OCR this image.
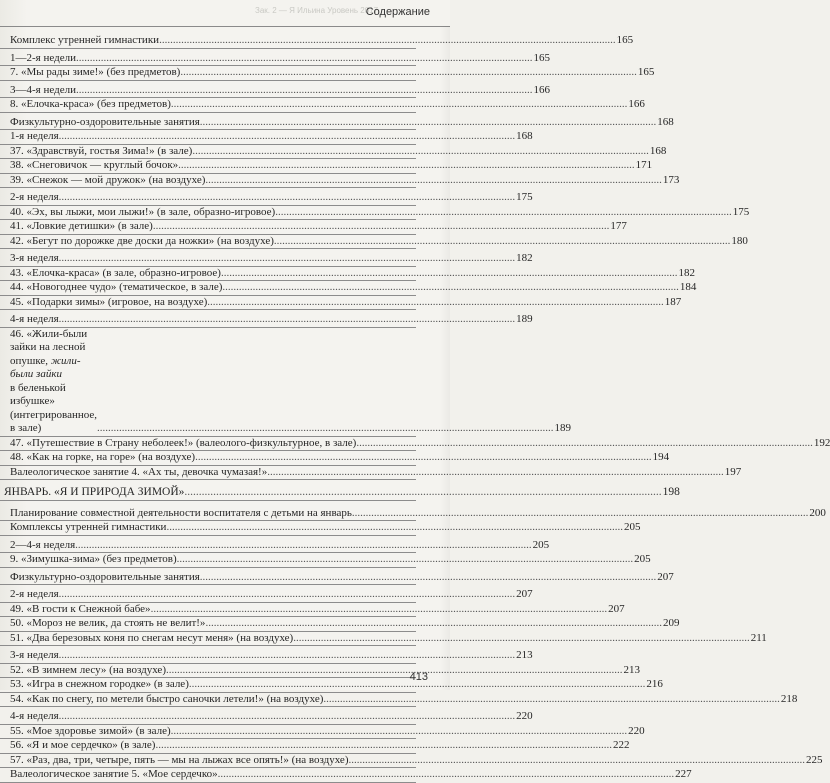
Зак. 2 — Я Ильина Уровень 2017
Содержание
Комплекс утренней гимнастики .....	165
1—2-я недели .....	165
7. «Мы рады зиме!» (без предметов) .....	165
3—4-я недели .....	166
8. «Елочка-краса» (без предметов) .....	166
Физкультурно-оздоровительные занятия .....	168
1-я неделя .....	168
37. «Здравствуй, гостья Зима!» (в зале) .....	168
38. «Снеговичок — круглый бочок» .....	171
39. «Снежок — мой дружок» (на воздухе) .....	173
2-я неделя .....	175
40. «Эх, вы лыжи, мои лыжи!» (в зале, образно-игровое) .....	175
41. «Ловкие детишки» (в зале) .....	177
42. «Бегут по дорожке две доски да ножки» (на воздухе) .....	180
3-я неделя .....	182
43. «Елочка-краса» (в зале, образно-игровое) .....	182
44. «Новогоднее чудо» (тематическое, в зале) .....	184
45. «Подарки зимы» (игровое, на воздухе) .....	187
4-я неделя .....	189
46. «Жили-были зайки на лесной опушке, жили-были зайки
в беленькой избушке» (интегрированное, в зале) .....	189
47. «Путешествие в Страну неболеек!» (валеолого-физкультурное, в зале) .....	192
48. «Как на горке, на горе» (на воздухе) .....	194
Валеологическое занятие 4. «Ах ты, девочка чумазая!» .....	197
ЯНВАРЬ. «Я И ПРИРОДА ЗИМОЙ» .....	198
Планирование совместной деятельности воспитателя с детьми на январь .....	200
Комплексы утренней гимнастики .....	205
2—4-я неделя .....	205
9. «Зимушка-зима» (без предметов) .....	205
Физкультурно-оздоровительные занятия .....	207
2-я неделя .....	207
49. «В гости к Снежной бабе» .....	207
50. «Мороз не велик, да стоять не велит!» .....	209
51. «Два березовых коня по снегам несут меня» (на воздухе) .....	211
3-я неделя .....	213
52. «В зимнем лесу» (на воздухе) .....	213
53. «Игра в снежном городке» (в зале) .....	216
54. «Как по снегу, по метели быстро саночки летели!» (на воздухе) .....	218
4-я неделя .....	220
55. «Мое здоровье зимой» (в зале) .....	220
56. «Я и мое сердечко» (в зале) .....	222
57. «Раз, два, три, четыре, пять — мы на лыжах все опять!» (на воздухе) .....	225
Валеологическое занятие 5. «Мое сердечко» .....	227
413
